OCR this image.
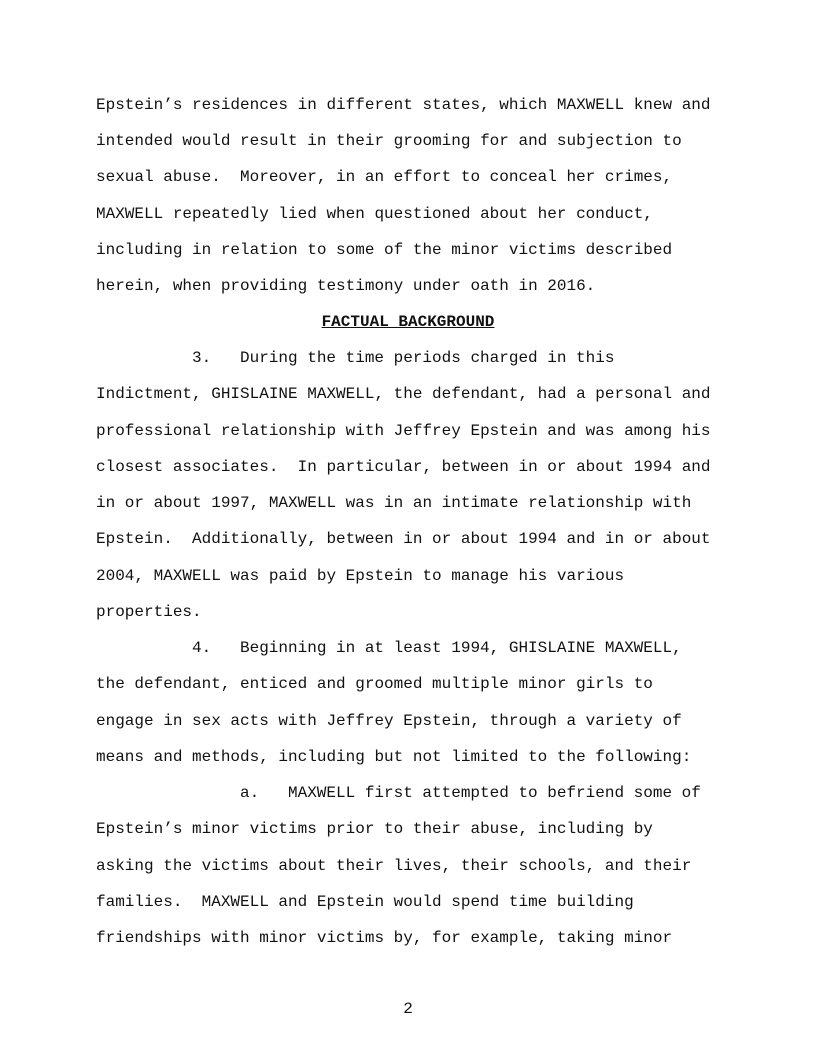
Epstein’s residences in different states, which MAXWELL knew and
intended would result in their grooming for and subjection to
sexual abuse.  Moreover, in an effort to conceal her crimes,
MAXWELL repeatedly lied when questioned about her conduct,
including in relation to some of the minor victims described
herein, when providing testimony under oath in 2016.
FACTUAL BACKGROUND
3. During the time periods charged in this
Indictment, GHISLAINE MAXWELL, the defendant, had a personal and
professional relationship with Jeffrey Epstein and was among his
closest associates.  In particular, between in or about 1994 and
in or about 1997, MAXWELL was in an intimate relationship with
Epstein.  Additionally, between in or about 1994 and in or about
2004, MAXWELL was paid by Epstein to manage his various
properties.
4. Beginning in at least 1994, GHISLAINE MAXWELL,
the defendant, enticed and groomed multiple minor girls to
engage in sex acts with Jeffrey Epstein, through a variety of
means and methods, including but not limited to the following:
a. MAXWELL first attempted to befriend some of
Epstein’s minor victims prior to their abuse, including by
asking the victims about their lives, their schools, and their
families.  MAXWELL and Epstein would spend time building
friendships with minor victims by, for example, taking minor
2
